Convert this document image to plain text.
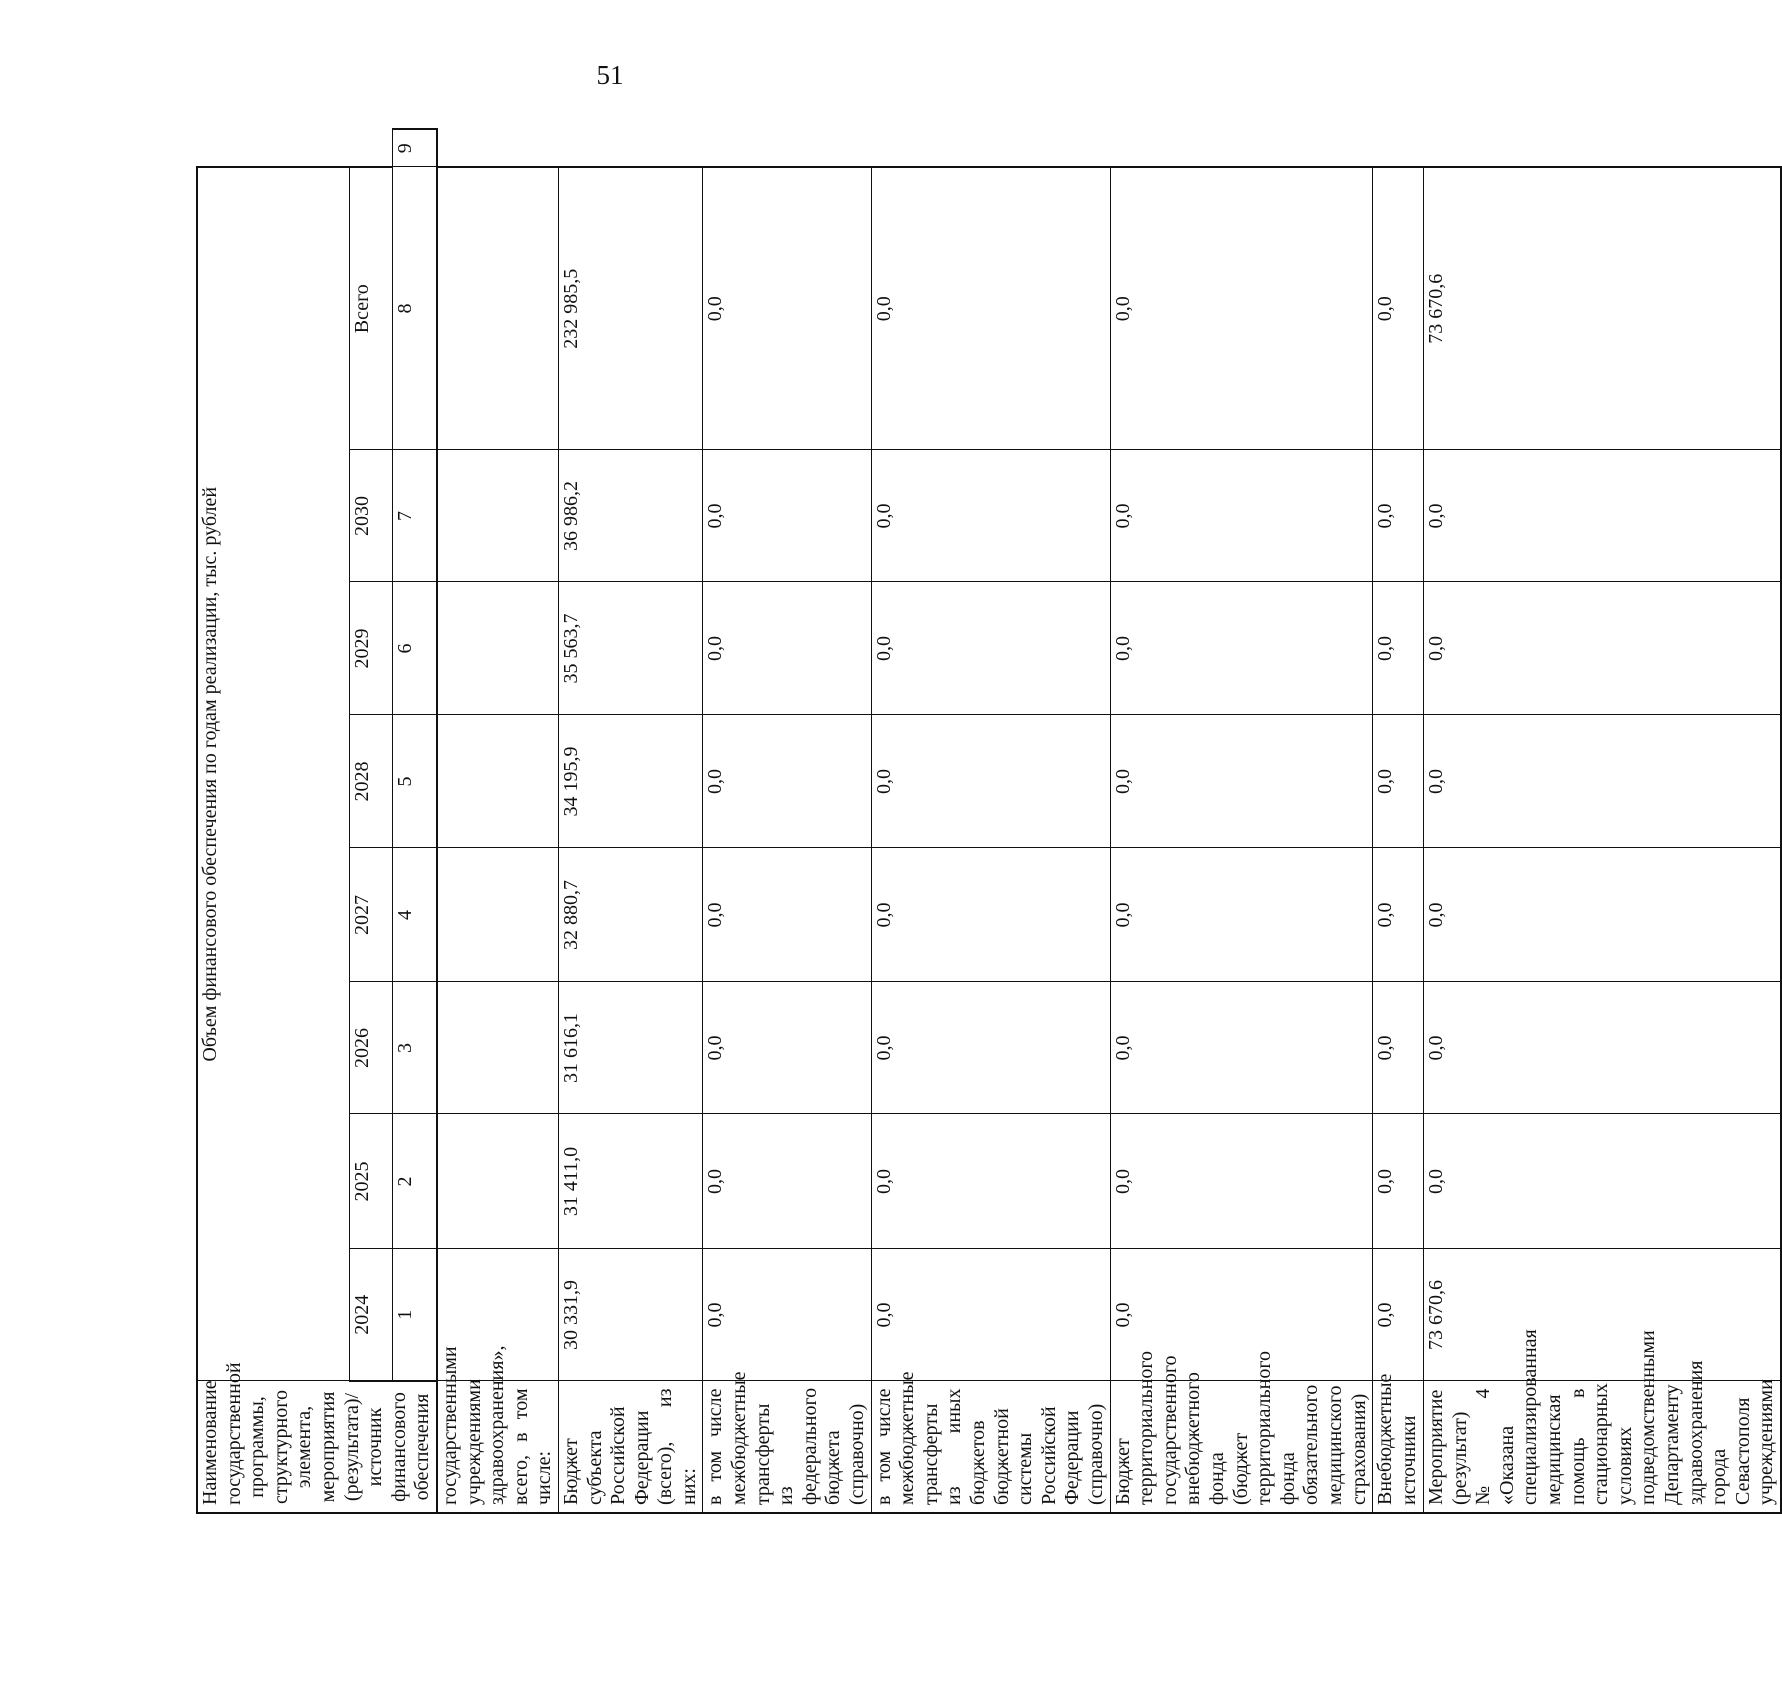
51
Наименование государственной программы, структурного элемента, мероприятия (результата)/источник финансового обеспечения	Объем финансового обеспечения по годам реализации, тыс. рублей								
	2024	2025	2026	2027	2028	2029	2030	Всего	
	1	2	3	4	5	6	7	8	9
государственными учреждениями здравоохранения», всего, в том числе:									
Бюджет субъекта Российской Федерации (всего), из них:	30 331,9	31 411,0	31 616,1	32 880,7	34 195,9	35 563,7	36 986,2	232 985,5	
в том числе межбюджетные трансферты из федерального бюджета (справочно)	0,0	0,0	0,0	0,0	0,0	0,0	0,0	0,0	
в том числе межбюджетные трансферты из иных бюджетов бюджетной системы Российской Федерации (справочно)	0,0	0,0	0,0	0,0	0,0	0,0	0,0	0,0	
Бюджет территориального государственного внебюджетного фонда (бюджет территориального фонда обязательного медицинского страхования)	0,0	0,0	0,0	0,0	0,0	0,0	0,0	0,0	
Внебюджетные источники	0,0	0,0	0,0	0,0	0,0	0,0	0,0	0,0	
Мероприятие (результат) № 4 «Оказана специализированная медицинская помощь в стационарных условиях подведомственными Департаменту здравоохранения города Севастополя учреждениями	73 670,6	0,0	0,0	0,0	0,0	0,0	0,0	73 670,6	
